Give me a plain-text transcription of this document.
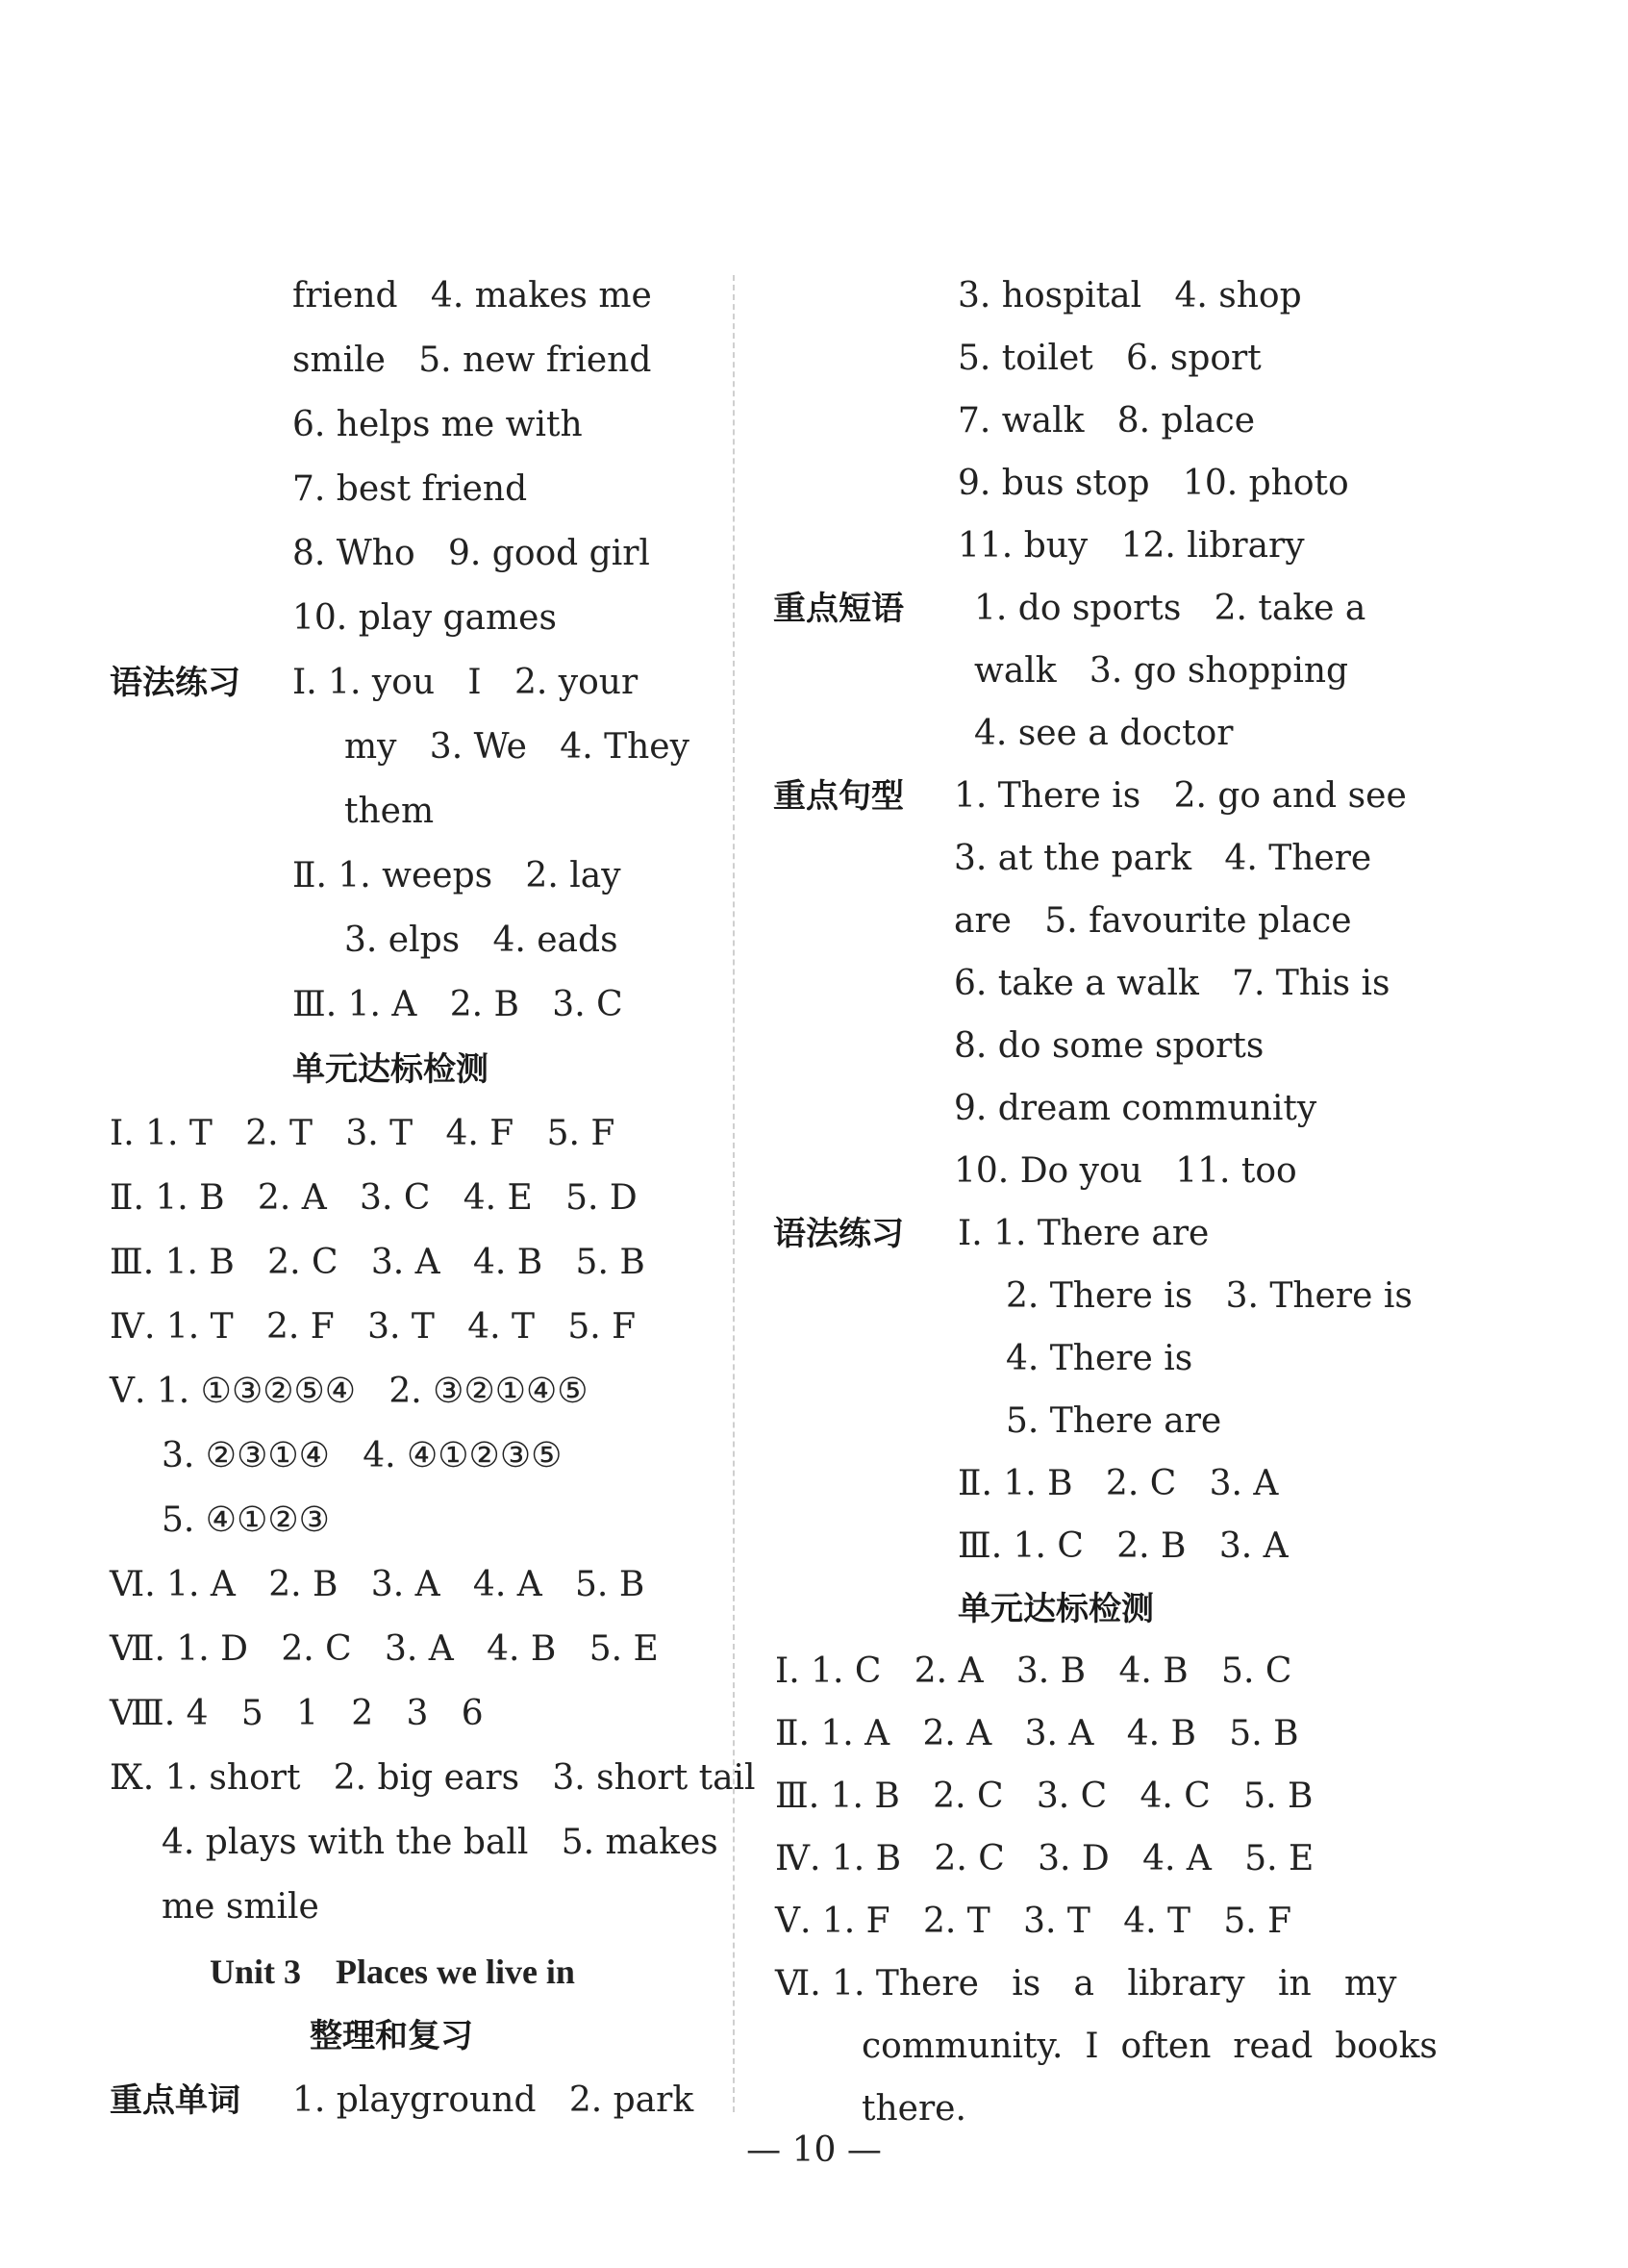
friend   4. makes me
smile   5. new friend
6. helps me with
7. best friend
8. Who   9. good girl
10. play games
语法练习 Ⅰ. 1. you   I   2. your
my   3. We   4. They
them
Ⅱ. 1. weeps   2. lay
3. elps   4. eads
Ⅲ. 1. A   2. B   3. C
单元达标检测
Ⅰ. 1. T   2. T   3. T   4. F   5. F
Ⅱ. 1. B   2. A   3. C   4. E   5. D
Ⅲ. 1. B   2. C   3. A   4. B   5. B
Ⅳ. 1. T   2. F   3. T   4. T   5. F
Ⅴ. 1. ①③②⑤④   2. ③②①④⑤
3. ②③①④   4. ④①②③⑤
5. ④①②③
Ⅵ. 1. A   2. B   3. A   4. A   5. B
Ⅶ. 1. D   2. C   3. A   4. B   5. E
Ⅷ. 4   5   1   2   3   6
Ⅸ. 1. short   2. big ears   3. short tail
4. plays with the ball   5. makes
me smile
Unit 3    Places we live in
整理和复习
重点单词 1. playground   2. park
3. hospital   4. shop
5. toilet   6. sport
7. walk   8. place
9. bus stop   10. photo
11. buy   12. library
重点短语 1. do sports   2. take a
walk   3. go shopping
4. see a doctor
重点句型 1. There is   2. go and see
3. at the park   4. There
are   5. favourite place
6. take a walk   7. This is
8. do some sports
9. dream community
10. Do you   11. too
语法练习 Ⅰ. 1. There are
2. There is   3. There is
4. There is
5. There are
Ⅱ. 1. B   2. C   3. A
Ⅲ. 1. C   2. B   3. A
单元达标检测
Ⅰ. 1. C   2. A   3. B   4. B   5. C
Ⅱ. 1. A   2. A   3. A   4. B   5. B
Ⅲ. 1. B   2. C   3. C   4. C   5. B
Ⅳ. 1. B   2. C   3. D   4. A   5. E
Ⅴ. 1. F   2. T   3. T   4. T   5. F
Ⅵ. 1. There   is   a   library   in   my
community.  I  often  read  books
there.
— 10 —
